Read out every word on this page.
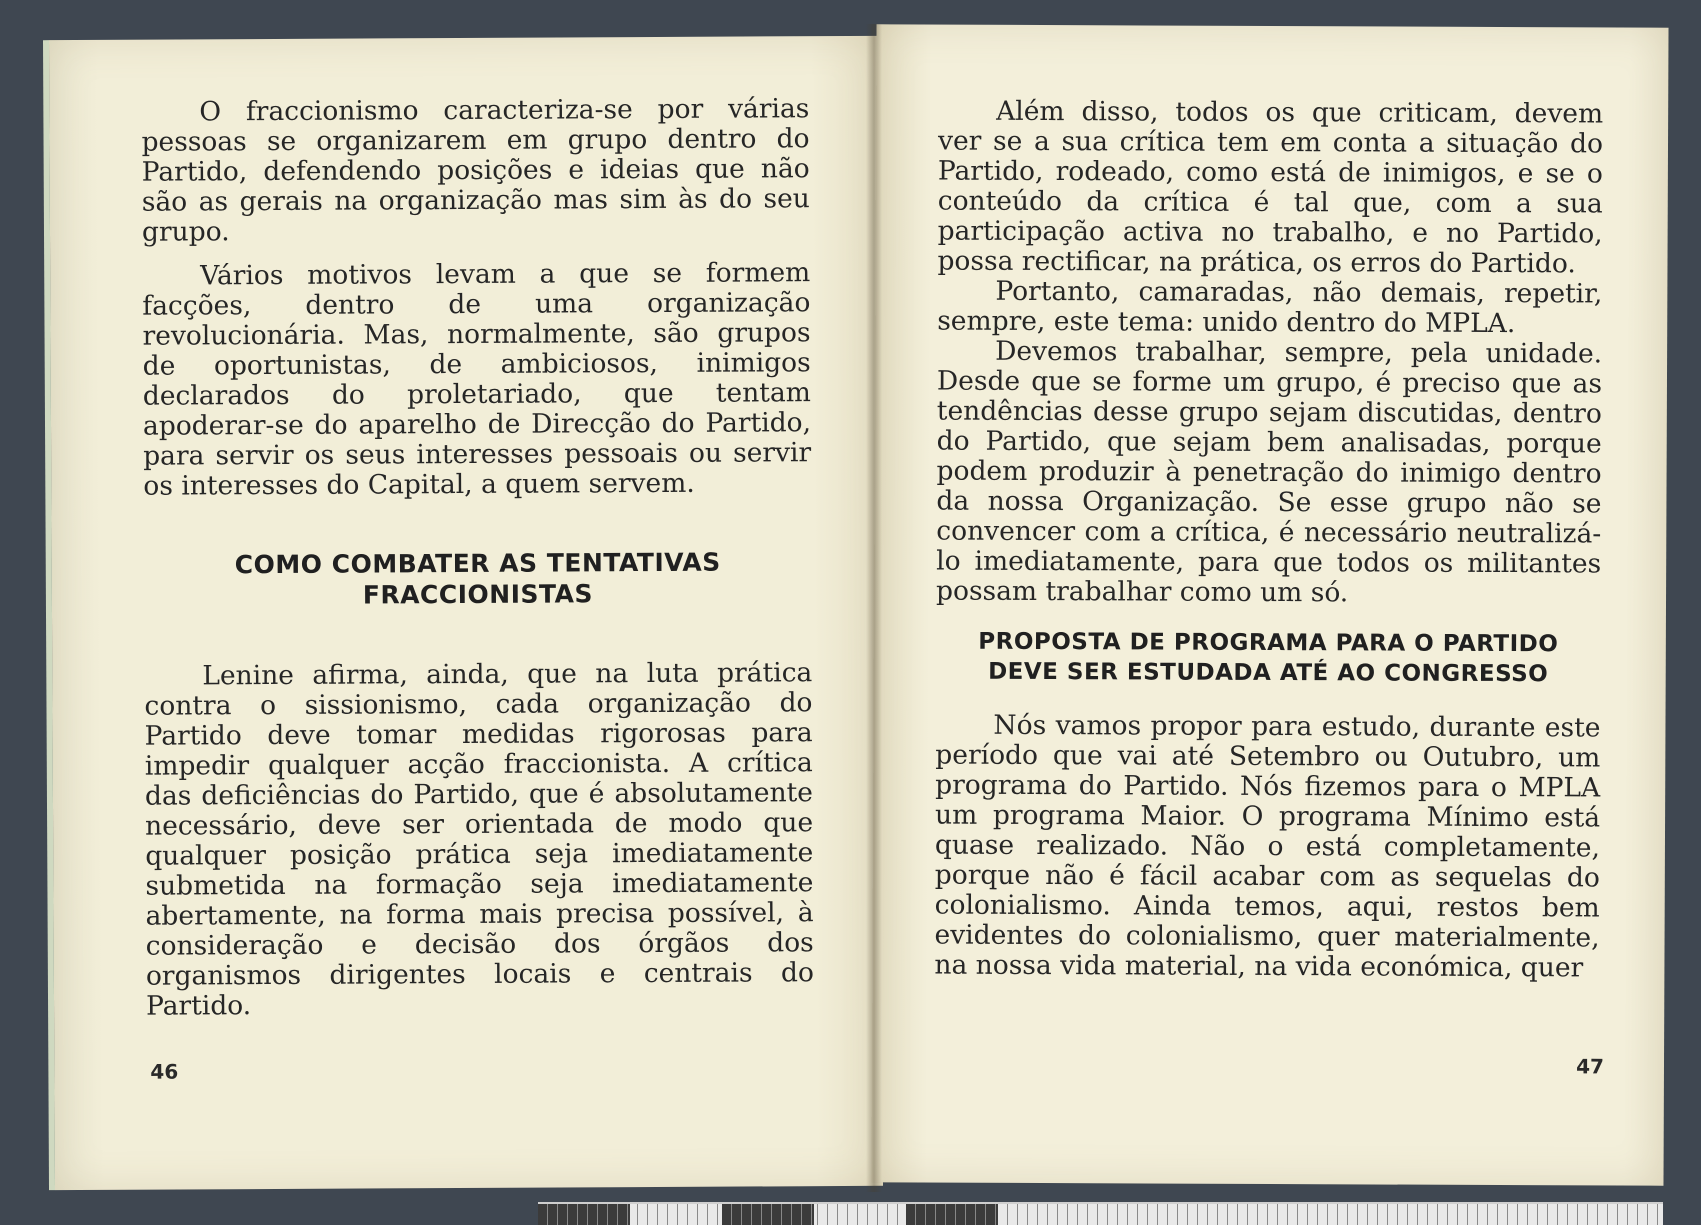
O fraccionismo caracteriza-se por várias pessoas se organizarem em grupo dentro do Partido, defendendo posições e ideias que não são as gerais na organização mas sim às do seu grupo.

Vários motivos levam a que se formem facções, dentro de uma organização revolucionária. Mas, normalmente, são grupos de oportunistas, de ambiciosos, inimigos declarados do proletariado, que tentam apoderar-se do aparelho de Direcção do Partido, para servir os seus interesses pessoais ou servir os interesses do Capital, a quem servem.

COMO COMBATER AS TENTATIVAS
FRACCIONISTAS

Lenine afirma, ainda, que na luta prática contra o sissionismo, cada organização do Partido deve tomar medidas rigorosas para impedir qualquer acção fraccionista. A crítica das deficiências do Partido, que é absolutamente necessário, deve ser orientada de modo que qualquer posição prática seja imediatamente submetida na formação seja imediatamente abertamente, na forma mais precisa possível, à consideração e decisão dos órgãos dos organismos dirigentes locais e centrais do Partido.

46

Além disso, todos os que criticam, devem ver se a sua crítica tem em conta a situação do Partido, rodeado, como está de inimigos, e se o conteúdo da crítica é tal que, com a sua participação activa no trabalho, e no Partido, possa rectificar, na prática, os erros do Partido.

Portanto, camaradas, não demais, repetir, sempre, este tema: unido dentro do MPLA.

Devemos trabalhar, sempre, pela unidade. Desde que se forme um grupo, é preciso que as tendências desse grupo sejam discutidas, dentro do Partido, que sejam bem analisadas, porque podem produzir à penetração do inimigo dentro da nossa Organização. Se esse grupo não se convencer com a crítica, é necessário neutralizá-lo imediatamente, para que todos os militantes possam trabalhar como um só.

PROPOSTA DE PROGRAMA PARA O PARTIDO
DEVE SER ESTUDADA ATÉ AO CONGRESSO

Nós vamos propor para estudo, durante este período que vai até Setembro ou Outubro, um programa do Partido. Nós fizemos para o MPLA um programa Maior. O programa Mínimo está quase realizado. Não o está completamente, porque não é fácil acabar com as sequelas do colonialismo. Ainda temos, aqui, restos bem evidentes do colonialismo, quer materialmente, na nossa vida material, na vida económica, quer

47
